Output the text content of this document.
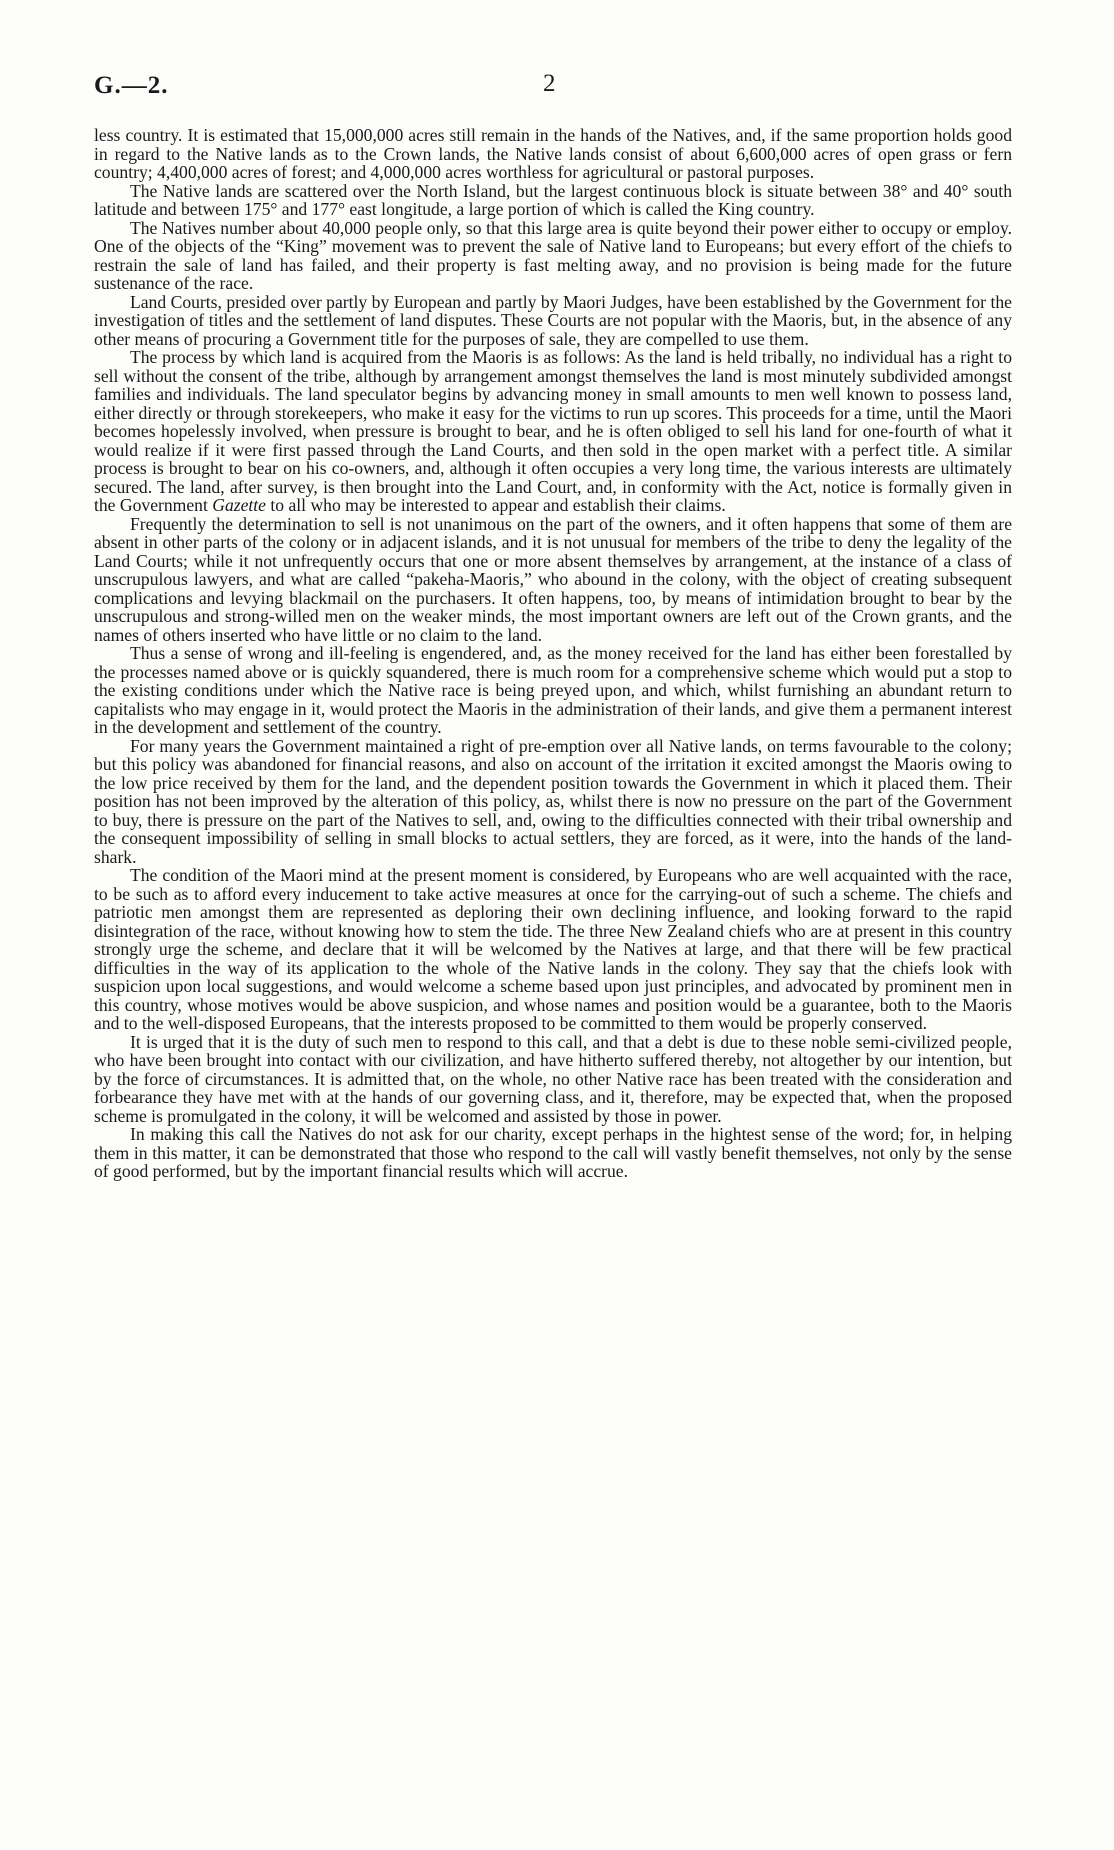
G.—2.	2

less country. It is estimated that 15,000,000 acres still remain in the hands of the Natives, and, if the same proportion holds good in regard to the Native lands as to the Crown lands, the Native lands consist of about 6,600,000 acres of open grass or fern country; 4,400,000 acres of forest; and 4,000,000 acres worthless for agricultural or pastoral purposes.

The Native lands are scattered over the North Island, but the largest continuous block is situate between 38° and 40° south latitude and between 175° and 177° east longitude, a large portion of which is called the King country.

The Natives number about 40,000 people only, so that this large area is quite beyond their power either to occupy or employ. One of the objects of the “King” movement was to prevent the sale of Native land to Europeans; but every effort of the chiefs to restrain the sale of land has failed, and their property is fast melting away, and no provision is being made for the future sustenance of the race.

Land Courts, presided over partly by European and partly by Maori Judges, have been established by the Government for the investigation of titles and the settlement of land disputes. These Courts are not popular with the Maoris, but, in the absence of any other means of procuring a Government title for the purposes of sale, they are compelled to use them.

The process by which land is acquired from the Maoris is as follows: As the land is held tribally, no individual has a right to sell without the consent of the tribe, although by arrangement amongst themselves the land is most minutely subdivided amongst families and individuals. The land speculator begins by advancing money in small amounts to men well known to possess land, either directly or through storekeepers, who make it easy for the victims to run up scores. This proceeds for a time, until the Maori becomes hopelessly involved, when pressure is brought to bear, and he is often obliged to sell his land for one-fourth of what it would realize if it were first passed through the Land Courts, and then sold in the open market with a perfect title. A similar process is brought to bear on his co-owners, and, although it often occupies a very long time, the various interests are ultimately secured. The land, after survey, is then brought into the Land Court, and, in conformity with the Act, notice is formally given in the Government Gazette to all who may be interested to appear and establish their claims.

Frequently the determination to sell is not unanimous on the part of the owners, and it often happens that some of them are absent in other parts of the colony or in adjacent islands, and it is not unusual for members of the tribe to deny the legality of the Land Courts; while it not unfrequently occurs that one or more absent themselves by arrangement, at the instance of a class of unscrupulous lawyers, and what are called “pakeha-Maoris,” who abound in the colony, with the object of creating subsequent complications and levying blackmail on the purchasers. It often happens, too, by means of intimidation brought to bear by the unscrupulous and strong-willed men on the weaker minds, the most important owners are left out of the Crown grants, and the names of others inserted who have little or no claim to the land.

Thus a sense of wrong and ill-feeling is engendered, and, as the money received for the land has either been forestalled by the processes named above or is quickly squandered, there is much room for a comprehensive scheme which would put a stop to the existing conditions under which the Native race is being preyed upon, and which, whilst furnishing an abundant return to capitalists who may engage in it, would protect the Maoris in the administration of their lands, and give them a permanent interest in the development and settlement of the country.

For many years the Government maintained a right of pre-emption over all Native lands, on terms favourable to the colony; but this policy was abandoned for financial reasons, and also on account of the irritation it excited amongst the Maoris owing to the low price received by them for the land, and the dependent position towards the Government in which it placed them. Their position has not been improved by the alteration of this policy, as, whilst there is now no pressure on the part of the Government to buy, there is pressure on the part of the Natives to sell, and, owing to the difficulties connected with their tribal ownership and the consequent impossibility of selling in small blocks to actual settlers, they are forced, as it were, into the hands of the land-shark.

The condition of the Maori mind at the present moment is considered, by Europeans who are well acquainted with the race, to be such as to afford every inducement to take active measures at once for the carrying-out of such a scheme. The chiefs and patriotic men amongst them are represented as deploring their own declining influence, and looking forward to the rapid disintegration of the race, without knowing how to stem the tide. The three New Zealand chiefs who are at present in this country strongly urge the scheme, and declare that it will be welcomed by the Natives at large, and that there will be few practical difficulties in the way of its application to the whole of the Native lands in the colony. They say that the chiefs look with suspicion upon local suggestions, and would welcome a scheme based upon just principles, and advocated by prominent men in this country, whose motives would be above suspicion, and whose names and position would be a guarantee, both to the Maoris and to the well-disposed Europeans, that the interests proposed to be committed to them would be properly conserved.

It is urged that it is the duty of such men to respond to this call, and that a debt is due to these noble semi-civilized people, who have been brought into contact with our civilization, and have hitherto suffered thereby, not altogether by our intention, but by the force of circumstances. It is admitted that, on the whole, no other Native race has been treated with the consideration and forbearance they have met with at the hands of our governing class, and it, therefore, may be expected that, when the proposed scheme is promulgated in the colony, it will be welcomed and assisted by those in power.

In making this call the Natives do not ask for our charity, except perhaps in the hightest sense of the word; for, in helping them in this matter, it can be demonstrated that those who respond to the call will vastly benefit themselves, not only by the sense of good performed, but by the important financial results which will accrue.
